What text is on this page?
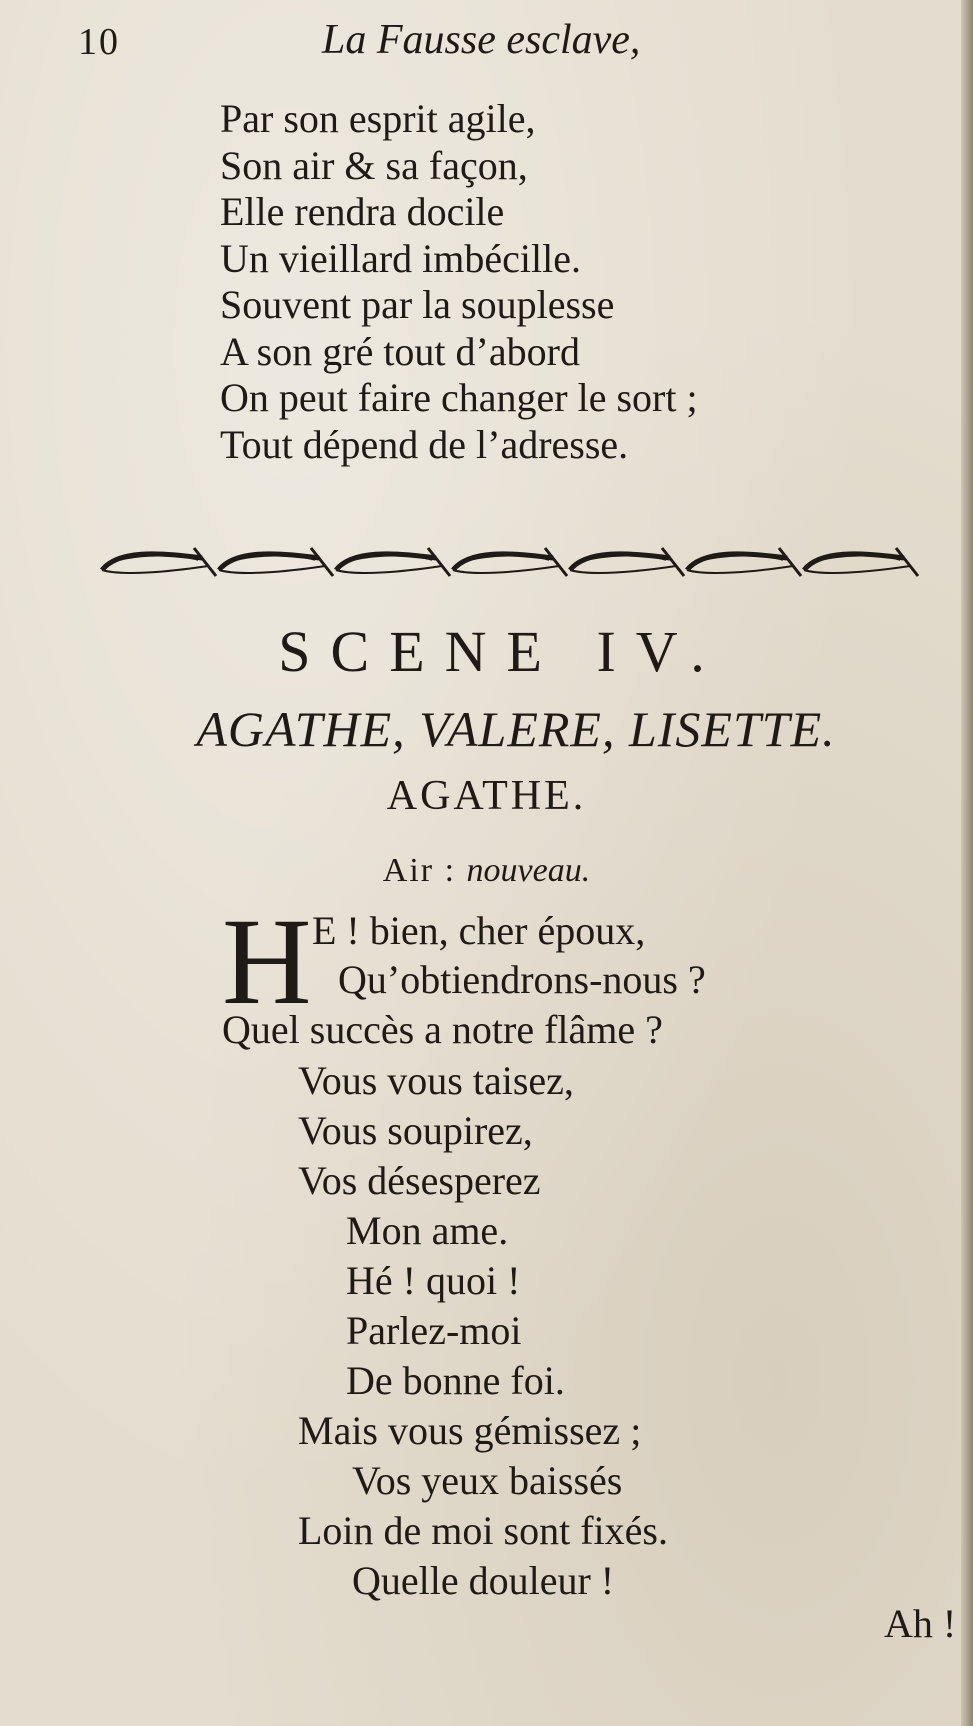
10	La Fausse esclave,
Par son esprit agile,
Son air & sa façon,
Elle rendra docile
Un vieillard imbécille.
Souvent par la souplesse
A son gré tout d’abord
On peut faire changer le sort ;
Tout dépend de l’adresse.
SCENE IV.
AGATHE, VALERE, LISETTE.
AGATHE.
Air : nouveau.
H E ! bien, cher époux,
Qu’obtiendrons-nous ?
Quel succès a notre flâme ?
Vous vous taisez,
Vous soupirez,
Vos désesperez
Mon ame.
Hé ! quoi !
Parlez-moi
De bonne foi.
Mais vous gémissez ;
Vos yeux baissés
Loin de moi sont fixés.
Quelle douleur !
Ah !
